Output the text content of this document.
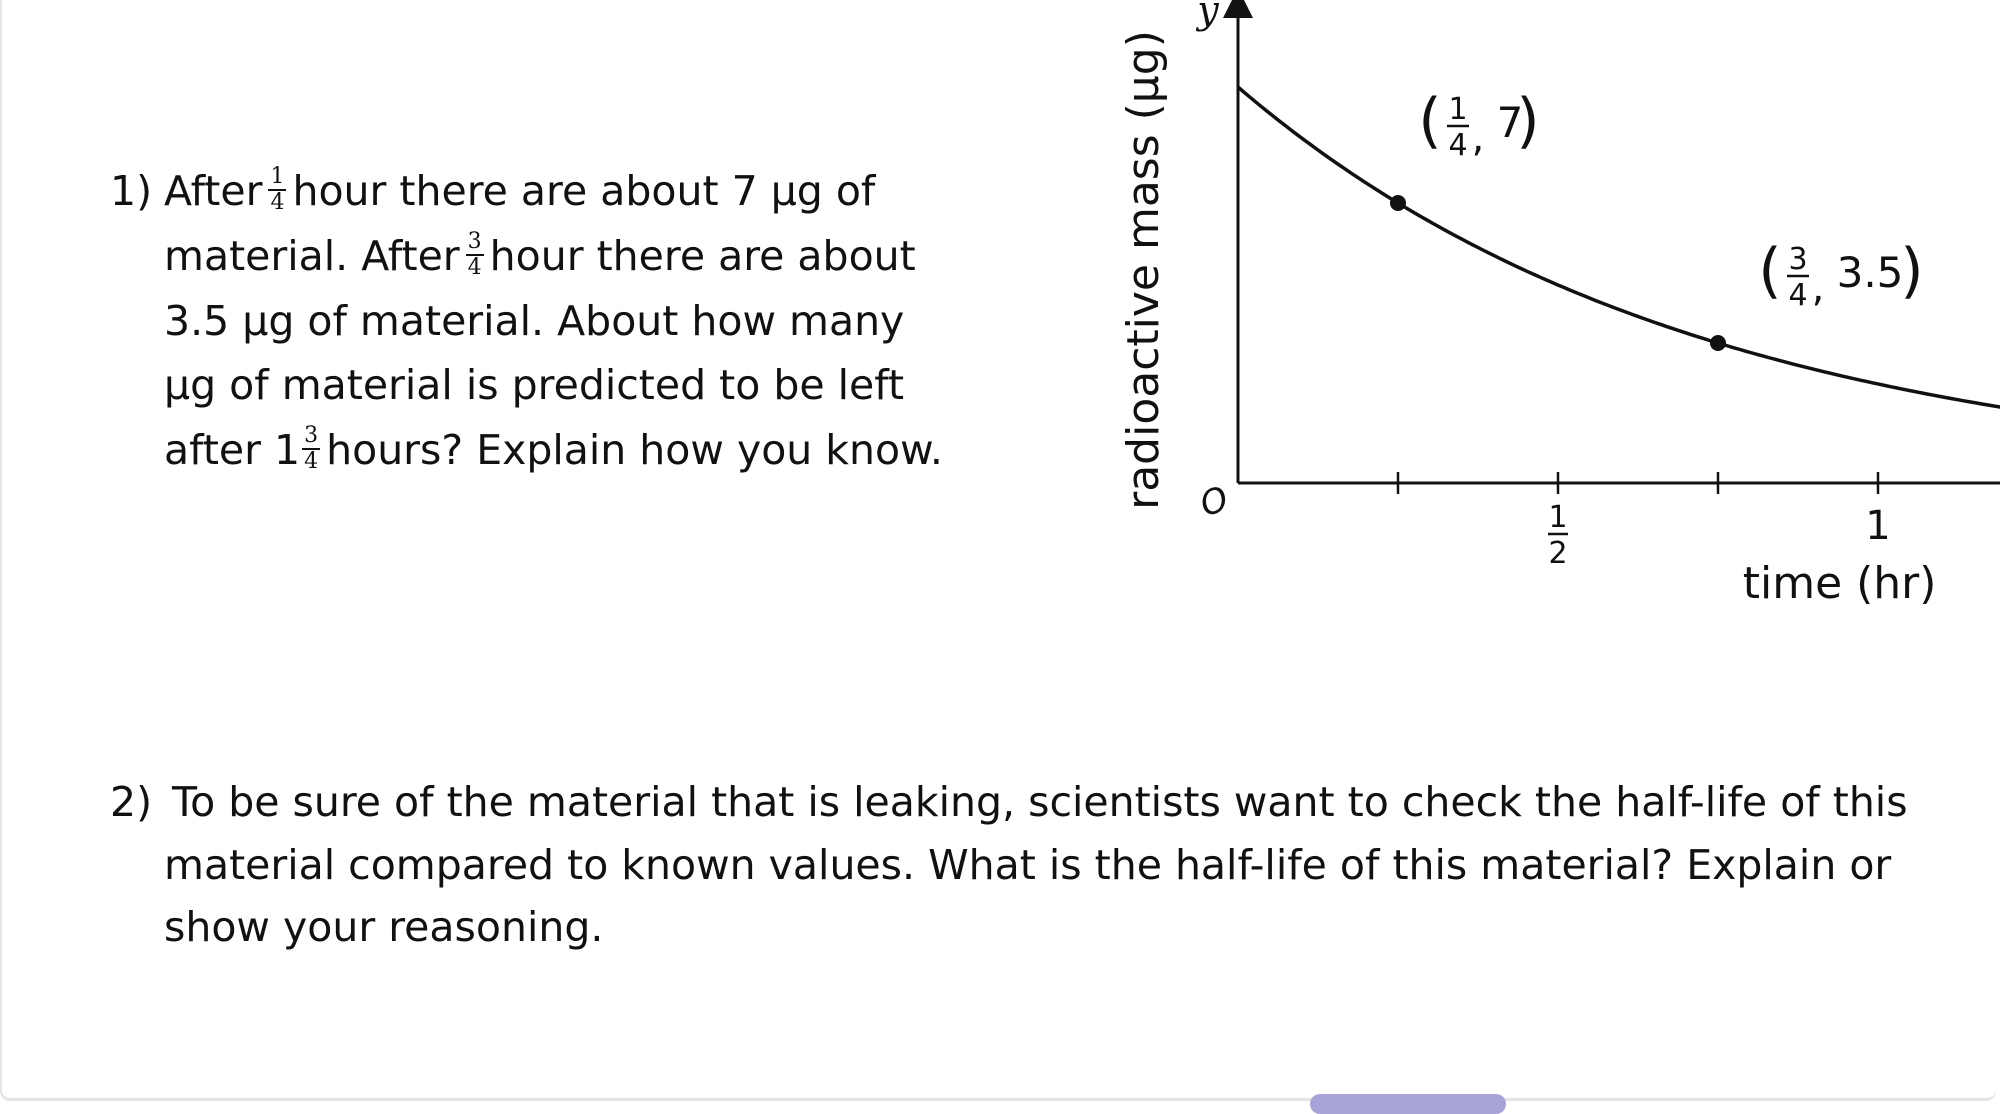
1) After $\frac{1}{4}$ hour there are about 7 μg of
material. After $\frac{3}{4}$ hour there are about
3.5 μg of material. About how many
μg of material is predicted to be left
after $1 \frac{3}{4}$ hours? Explain how you know.
y
O	1
2
1
time (hr)
radioactive mass (μg)	( 1
4 , 7
)
( 3
4 , 3.5
)
2) To be sure of the material that is leaking, scientists want to check the half-life of this
material compared to known values. What is the half-life of this material? Explain or
show your reasoning.
